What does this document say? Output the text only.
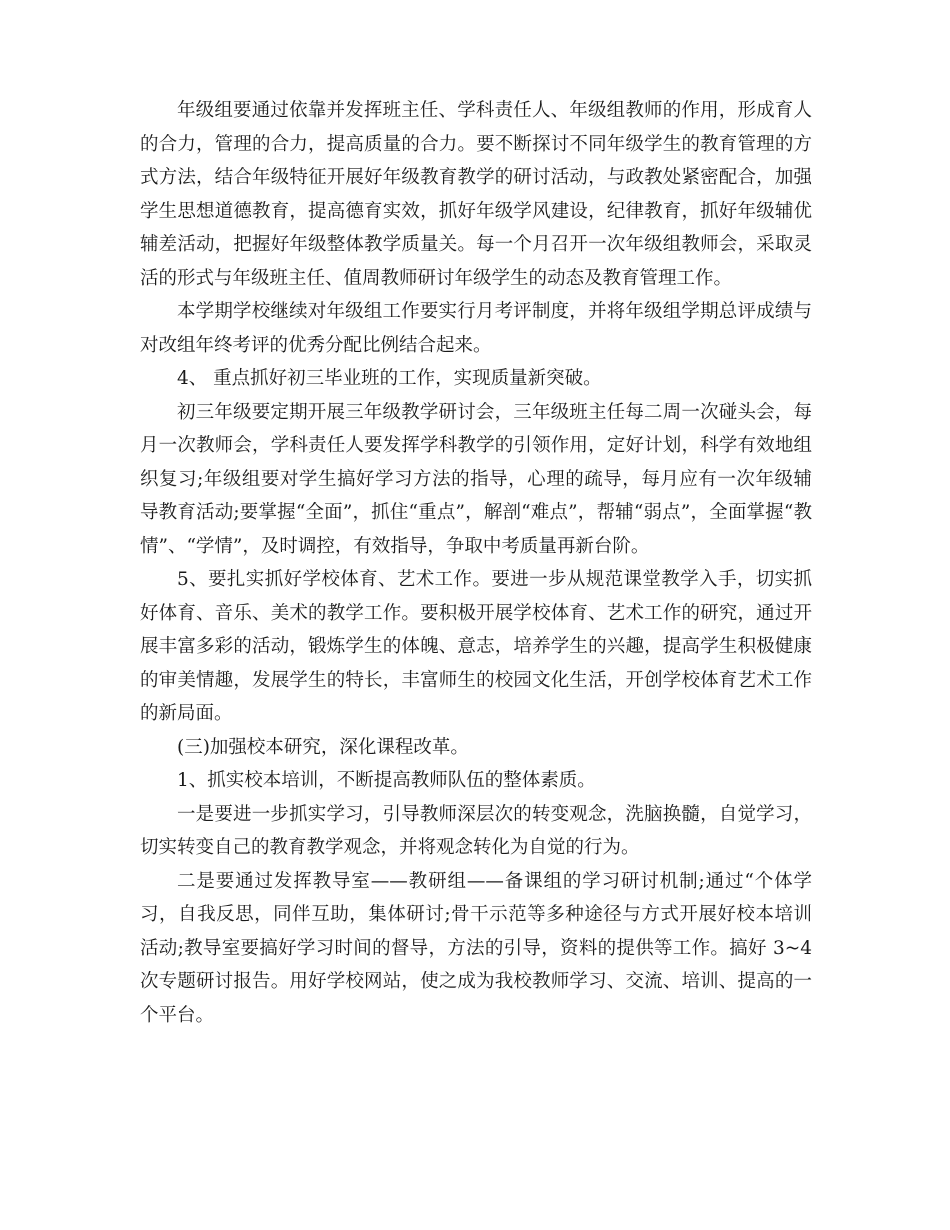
年级组要通过依靠并发挥班主任、学科责任人、年级组教师的作用，形成育人的合力，管理的合力，提高质量的合力。要不断探讨不同年级学生的教育管理的方式方法，结合年级特征开展好年级教育教学的研讨活动，与政教处紧密配合，加强学生思想道德教育，提高德育实效，抓好年级学风建设，纪律教育，抓好年级辅优辅差活动，把握好年级整体教学质量关。每一个月召开一次年级组教师会，采取灵活的形式与年级班主任、值周教师研讨年级学生的动态及教育管理工作。

本学期学校继续对年级组工作要实行月考评制度，并将年级组学期总评成绩与对改组年终考评的优秀分配比例结合起来。

4、 重点抓好初三毕业班的工作，实现质量新突破。

初三年级要定期开展三年级教学研讨会，三年级班主任每二周一次碰头会，每月一次教师会，学科责任人要发挥学科教学的引领作用，定好计划，科学有效地组织复习;年级组要对学生搞好学习方法的指导，心理的疏导，每月应有一次年级辅导教育活动;要掌握“全面”，抓住“重点”，解剖“难点”，帮辅“弱点”，全面掌握“教情”、“学情”，及时调控，有效指导，争取中考质量再新台阶。

5、要扎实抓好学校体育、艺术工作。要进一步从规范课堂教学入手，切实抓好体育、音乐、美术的教学工作。要积极开展学校体育、艺术工作的研究，通过开展丰富多彩的活动，锻炼学生的体魄、意志，培养学生的兴趣，提高学生积极健康的审美情趣，发展学生的特长，丰富师生的校园文化生活，开创学校体育艺术工作的新局面。

(三)加强校本研究，深化课程改革。

1、抓实校本培训，不断提高教师队伍的整体素质。

一是要进一步抓实学习，引导教师深层次的转变观念，洗脑换髓，自觉学习，切实转变自己的教育教学观念，并将观念转化为自觉的行为。

二是要通过发挥教导室——教研组——备课组的学习研讨机制;通过“个体学习，自我反思，同伴互助，集体研讨;骨干示范等多种途径与方式开展好校本培训活动;教导室要搞好学习时间的督导，方法的引导，资料的提供等工作。搞好 3~4 次专题研讨报告。用好学校网站，使之成为我校教师学习、交流、培训、提高的一个平台。
